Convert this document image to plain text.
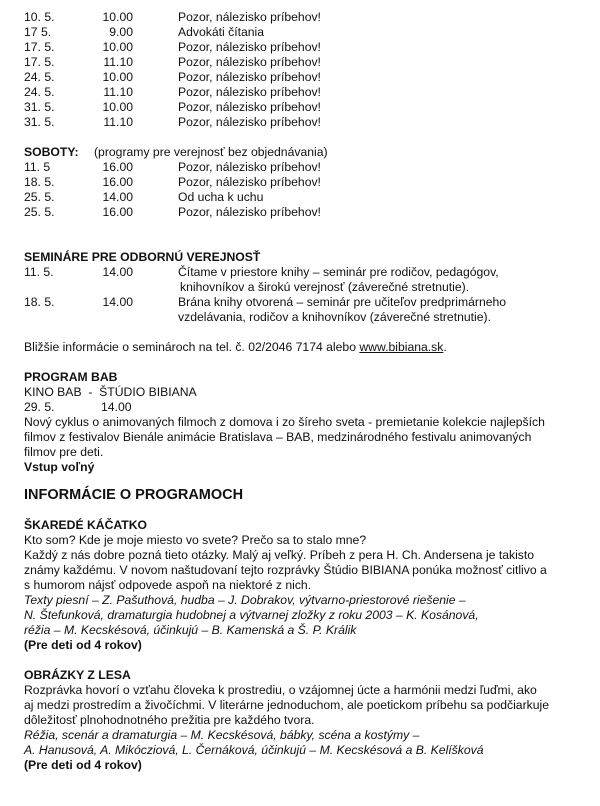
10. 5.	10.00	Pozor, nálezisko príbehov!
17 5.	9.00	Advokáti čítania
17. 5.	10.00	Pozor, nálezisko príbehov!
17. 5.	11.10	Pozor, nálezisko príbehov!
24. 5.	10.00	Pozor, nálezisko príbehov!
24. 5.	11.10	Pozor, nálezisko príbehov!
31. 5.	10.00	Pozor, nálezisko príbehov!
31. 5.	11.10	Pozor, nálezisko príbehov!
SOBOTY: (programy pre verejnosť bez objednávania)
11. 5	16.00	Pozor, nálezisko príbehov!
18. 5.	16.00	Pozor, nálezisko príbehov!
25. 5.	14.00	Od ucha k uchu
25. 5.	16.00	Pozor, nálezisko príbehov!
SEMINÁRE PRE ODBORNÚ VEREJNOSŤ
11. 5.	14.00	Čítame v priestore knihy – seminár pre rodičov, pedagógov,
knihovníkov a širokú verejnosť (záverečné stretnutie).
18. 5.	14.00	Brána knihy otvorená – seminár pre učiteľov predprimárneho
vzdelávania, rodičov a knihovníkov (záverečné stretnutie).
Bližšie informácie o seminároch na tel. č. 02/2046 7174 alebo www.bibiana.sk.
PROGRAM BAB
KINO BAB  -  ŠTÚDIO BIBIANA
29. 5.	14.00
Nový cyklus o animovaných filmoch z domova i zo šíreho sveta - premietanie kolekcie najlepších
filmov z festivalov Bienále animácie Bratislava – BAB, medzinárodného festivalu animovaných
filmov pre deti.
Vstup voľný
INFORMÁCIE O PROGRAMOCH
ŠKAREDÉ KÁČATKO
Kto som? Kde je moje miesto vo svete? Prečo sa to stalo mne?
Každý z nás dobre pozná tieto otázky. Malý aj veľký. Príbeh z pera H. Ch. Andersena je takisto
známy každému. V novom naštudovaní tejto rozprávky Štúdio BIBIANA ponúka možnosť citlivo a
s humorom nájsť odpovede aspoň na niektoré z nich.
Texty piesní – Z. Pašuthová, hudba – J. Dobrakov, výtvarno-priestorové riešenie –
N. Štefunková, dramaturgia hudobnej a výtvarnej zložky z roku 2003 – K. Kosánová,
réžia – M. Kecskésová, účinkujú – B. Kamenská a Š. P. Králik
(Pre deti od 4 rokov)
OBRÁZKY Z LESA
Rozprávka hovorí o vzťahu človeka k prostrediu, o vzájomnej úcte a harmónii medzi ľuďmi, ako
aj medzi prostredím a živočíchmi. V literárne jednoduchom, ale poetickom príbehu sa podčiarkuje
dôležitosť plnohodnotného prežitia pre každého tvora.
Réžia, scenár a dramaturgia – M. Kecskésová, bábky, scéna a kostýmy –
A. Hanusová, A. Mikócziová, L. Černáková, účinkujú – M. Kecskésová a B. Kelíšková
(Pre deti od 4 rokov)
